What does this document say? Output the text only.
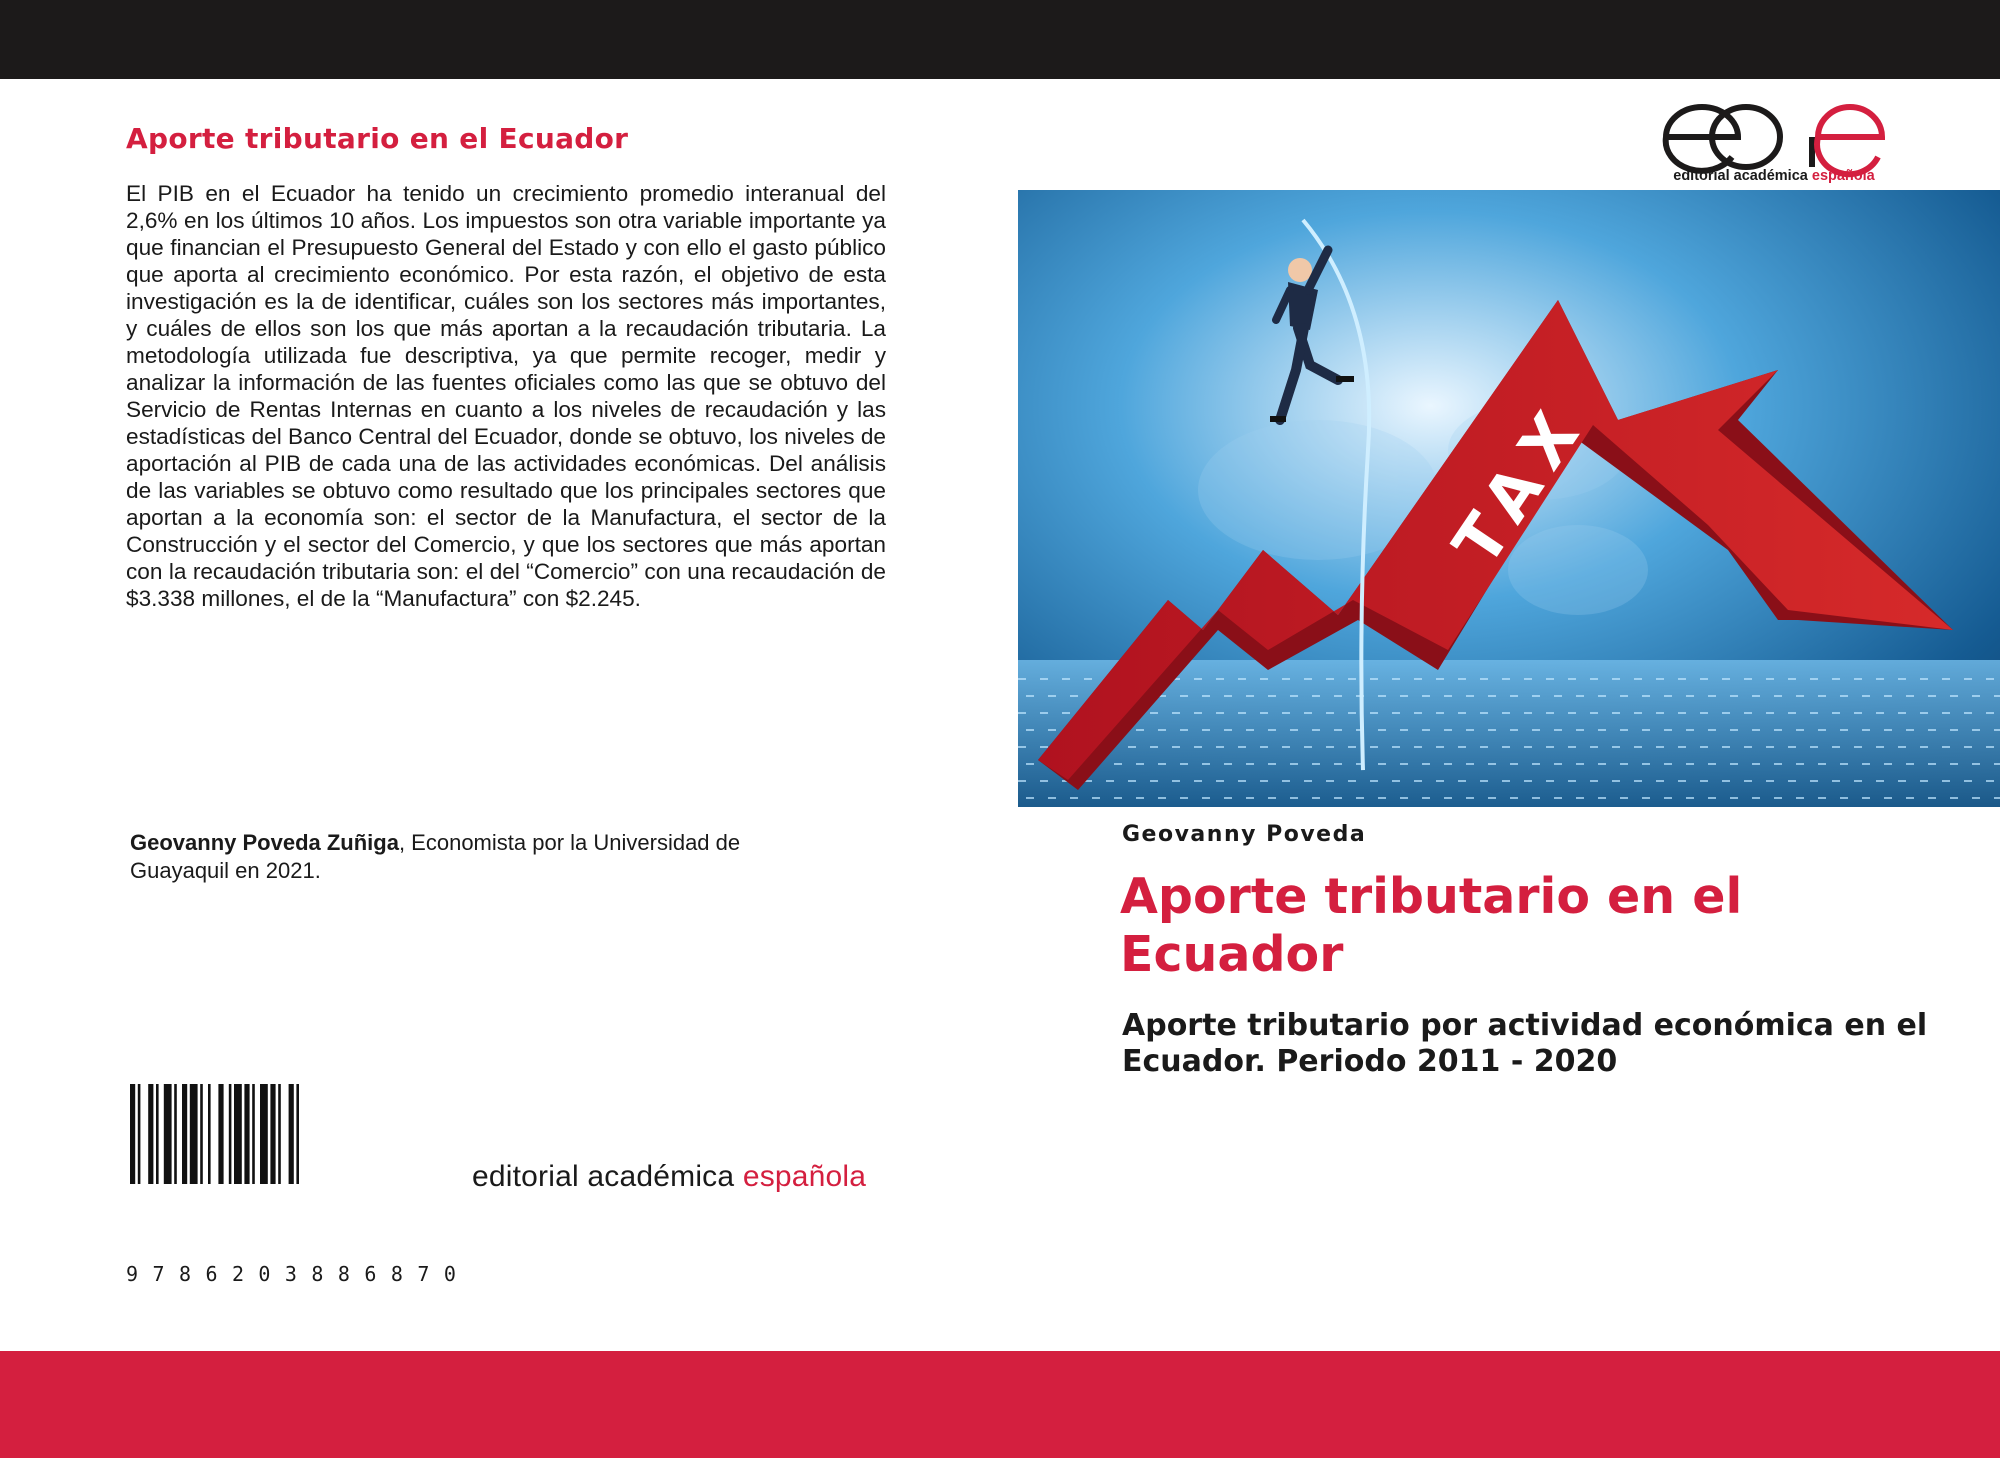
Aporte tributario en el Ecuador

El PIB en el Ecuador ha tenido un crecimiento promedio interanual del 2,6% en los últimos 10 años. Los impuestos son otra variable importante ya que financian el Presupuesto General del Estado y con ello el gasto público que aporta al crecimiento económico. Por esta razón, el objetivo de esta investigación es la de identificar, cuáles son los sectores más importantes, y cuáles de ellos son los que más aportan a la recaudación tributaria. La metodología utilizada fue descriptiva, ya que permite recoger, medir y analizar la información de las fuentes oficiales como las que se obtuvo del Servicio de Rentas Internas en cuanto a los niveles de recaudación y las estadísticas del Banco Central del Ecuador, donde se obtuvo, los niveles de aportación al PIB de cada una de las actividades económicas. Del análisis de las variables se obtuvo como resultado que los principales sectores que aportan a la economía son: el sector de la Manufactura, el sector de la Construcción y el sector del Comercio, y que los sectores que más aportan con la recaudación tributaria son: el del “Comercio” con una recaudación de $3.338 millones, el de la “Manufactura” con $2.245.

Geovanny Poveda Zuñiga, Economista por la Universidad de Guayaquil en 2021.

9 7 8 6 2 0 3 8 8 6 8 7 0

editorial académica española

editorial académica española
TAX

Geovanny Poveda

Aporte tributario en el Ecuador

Aporte tributario por actividad económica en el
Ecuador. Periodo 2011 - 2020
